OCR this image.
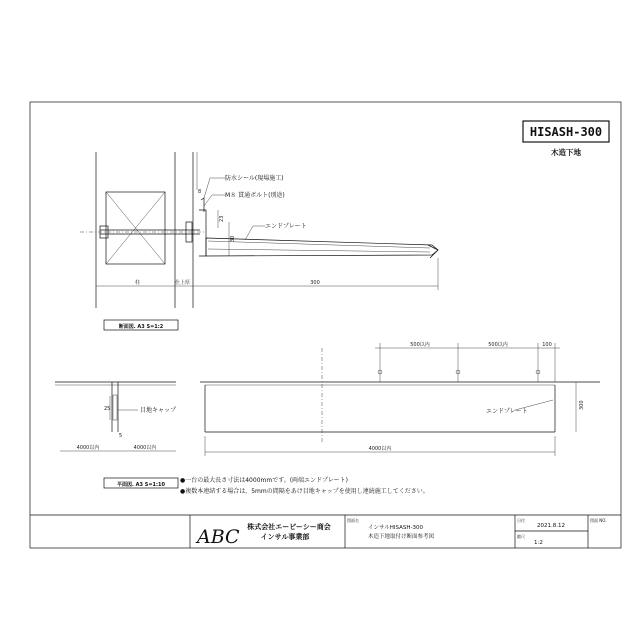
HISASH-300
木造下地
防水シール(現場施工)
M８ 貫通ボルト(別途)
エンドプレート
8
23
30
柱	仕上厚	300
断面図. A3 S=1:2
25
5
目地キャップ
4000以内	4000以内
平面図. A3 S=1:10
500以内	500以内	100
エンドプレート
300
4000以内
●一台の最大長さ寸法は4000mmです。(両端エンドプレート)
●複数本連結する場合は、5mmの間隔をあけ目地キャップを使用し連続施工してください。
ABC 株式会社エービーシー商会
インサル事業部
図面名
インサルHISASH-300
木造下地取付け断面参考図
日付
2021.8.12
縮尺
1:2
図面 NO.
